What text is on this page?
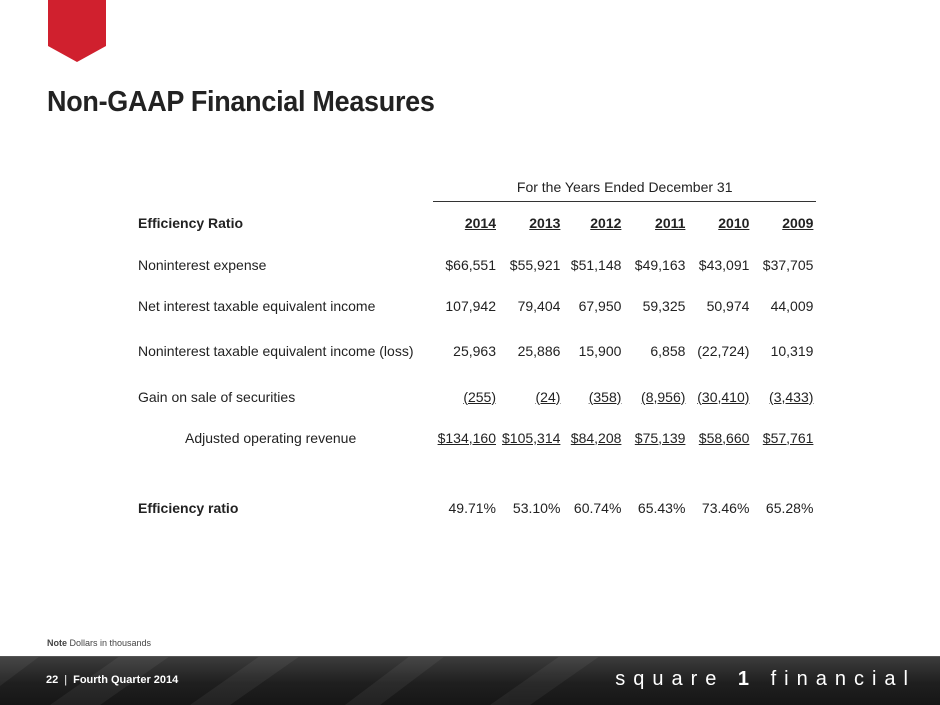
Non-GAAP Financial Measures
	For the Years Ended December 31					
Efficiency Ratio	2014	2013	2012	2011	2010	2009
Noninterest expense	$66,551	$55,921	$51,148	$49,163	$43,091	$37,705
Net interest taxable equivalent income	107,942	79,404	67,950	59,325	50,974	44,009
Noninterest taxable equivalent income (loss)	25,963	25,886	15,900	6,858	(22,724)	10,319
Gain on sale of securities	(255)	(24)	(358)	(8,956)	(30,410)	(3,433)
Adjusted operating revenue	$134,160	$105,314	$84,208	$75,139	$58,660	$57,761

Efficiency ratio	49.71%	53.10%	60.74%	65.43%	73.46%	65.28%
Note Dollars in thousands
22 | Fourth Quarter 2014	square 1 financial
